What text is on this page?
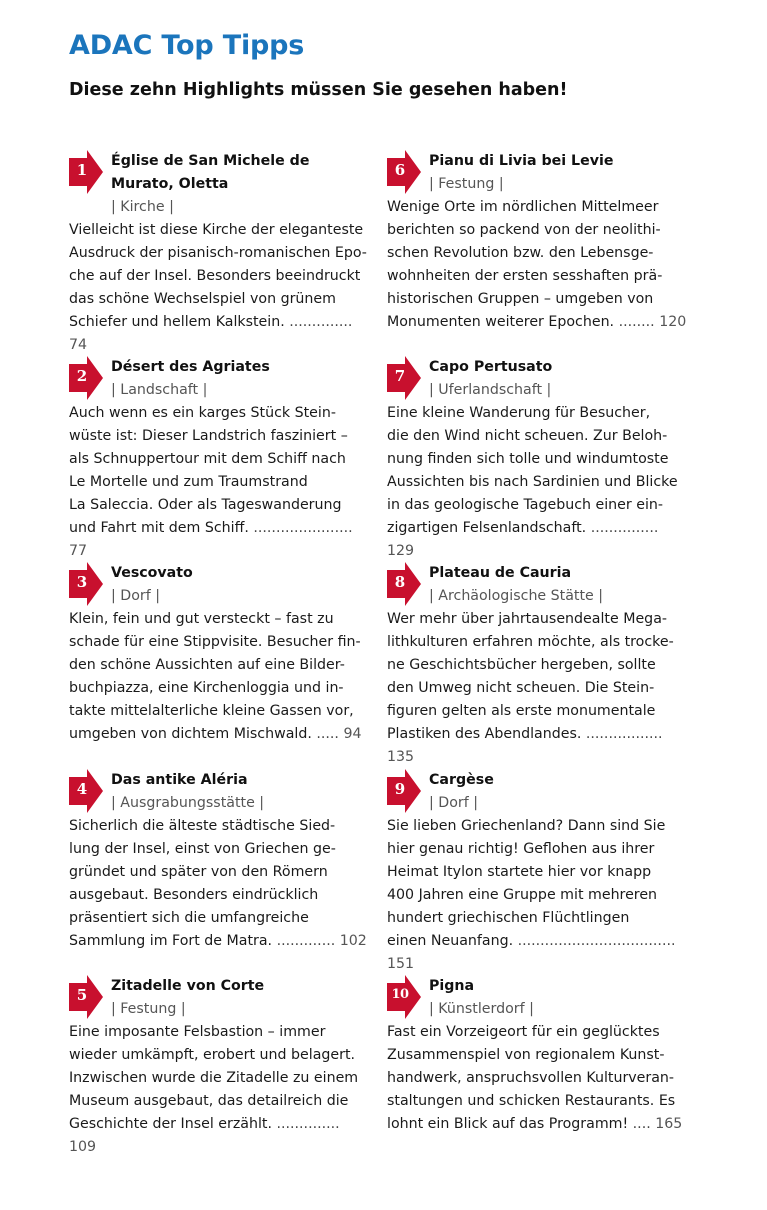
ADAC Top Tipps
Diese zehn Highlights müssen Sie gesehen haben!
1	Église de San Michele de
Murato, Oletta
| Kirche |
Vielleicht ist diese Kirche der eleganteste
Ausdruck der pisanisch-romanischen Epo-
che auf der Insel. Besonders beeindruckt
das schöne Wechselspiel von grünem
Schiefer und hellem Kalkstein. .............. 74
2	Désert des Agriates
| Landschaft |
Auch wenn es ein karges Stück Stein-
wüste ist: Dieser Landstrich fasziniert –
als Schnuppertour mit dem Schiff nach
Le Mortelle und zum Traumstrand
La Saleccia. Oder als Tageswanderung
und Fahrt mit dem Schiff. ...................... 77
3	Vescovato
| Dorf |
Klein, fein und gut versteckt – fast zu
schade für eine Stippvisite. Besucher fin-
den schöne Aussichten auf eine Bilder-
buchpiazza, eine Kirchenloggia und in-
takte mittelalterliche kleine Gassen vor,
umgeben von dichtem Mischwald. ..... 94
4	Das antike Aléria
| Ausgrabungsstätte |
Sicherlich die älteste städtische Sied-
lung der Insel, einst von Griechen ge-
gründet und später von den Römern
ausgebaut. Besonders eindrücklich
präsentiert sich die umfangreiche
Sammlung im Fort de Matra. ............. 102
5	Zitadelle von Corte
| Festung |
Eine imposante Felsbastion – immer
wieder umkämpft, erobert und belagert.
Inzwischen wurde die Zitadelle zu einem
Museum ausgebaut, das detailreich die
Geschichte der Insel erzählt. .............. 109
6	Pianu di Livia bei Levie
| Festung |
Wenige Orte im nördlichen Mittelmeer
berichten so packend von der neolithi-
schen Revolution bzw. den Lebensge-
wohnheiten der ersten sesshaften prä-
historischen Gruppen – umgeben von
Monumenten weiterer Epochen. ........ 120
7	Capo Pertusato
| Uferlandschaft |
Eine kleine Wanderung für Besucher,
die den Wind nicht scheuen. Zur Beloh-
nung finden sich tolle und windumtoste
Aussichten bis nach Sardinien und Blicke
in das geologische Tagebuch einer ein-
zigartigen Felsenlandschaft. ............... 129
8	Plateau de Cauria
| Archäologische Stätte |
Wer mehr über jahrtausendealte Mega-
lithkulturen erfahren möchte, als trocke-
ne Geschichtsbücher hergeben, sollte
den Umweg nicht scheuen. Die Stein-
figuren gelten als erste monumentale
Plastiken des Abendlandes. ................. 135
9	Cargèse
| Dorf |
Sie lieben Griechenland? Dann sind Sie
hier genau richtig! Geflohen aus ihrer
Heimat Itylon startete hier vor knapp
400 Jahren eine Gruppe mit mehreren
hundert griechischen Flüchtlingen
einen Neuanfang. ................................... 151
10
Pigna
| Künstlerdorf |
Fast ein Vorzeigeort für ein geglücktes
Zusammenspiel von regionalem Kunst-
handwerk, anspruchsvollen Kulturveran-
staltungen und schicken Restaurants. Es
lohnt ein Blick auf das Programm! .... 165
